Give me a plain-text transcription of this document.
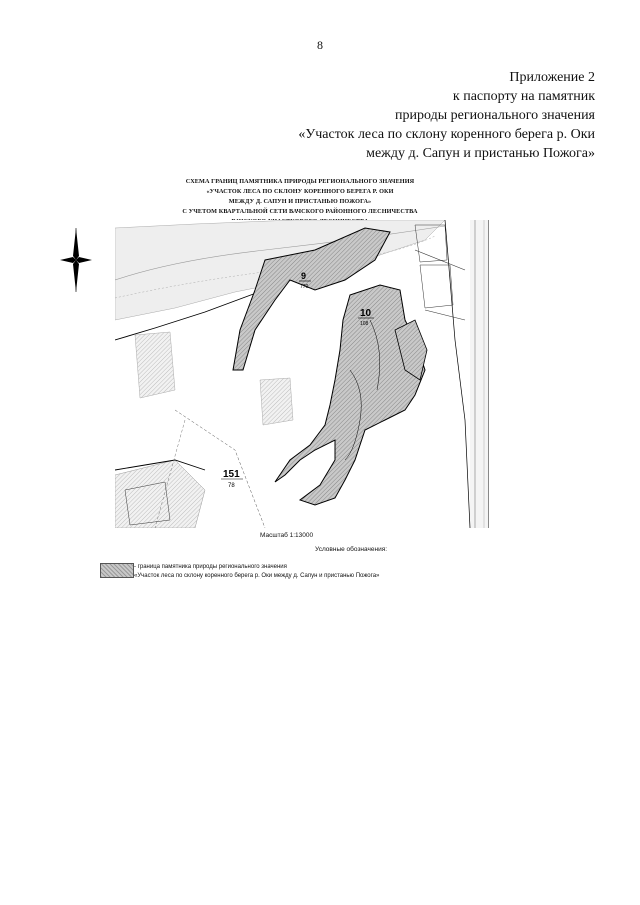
8
Приложение 2
к паспорту на памятник
природы регионального значения
«Участок леса по склону коренного берега р. Оки
между д. Сапун и пристанью Пожога»
СХЕМА ГРАНИЦ ПАМЯТНИКА ПРИРОДЫ РЕГИОНАЛЬНОГО ЗНАЧЕНИЯ
«УЧАСТОК ЛЕСА ПО СКЛОНУ КОРЕННОГО БЕРЕГА Р. ОКИ
МЕЖДУ Д. САПУН И ПРИСТАНЬЮ ПОЖОГА»
С УЧЕТОМ КВАРТАЛЬНОЙ СЕТИ ВАЧСКОГО РАЙОННОГО ЛЕСНИЧЕСТВА
9
770
10
108
151
78
Масштаб 1:13000
Условные обозначения:
- граница памятника природы регионального значения
«Участок леса по склону коренного берега р. Оки между д. Сапун и пристанью Пожога»
